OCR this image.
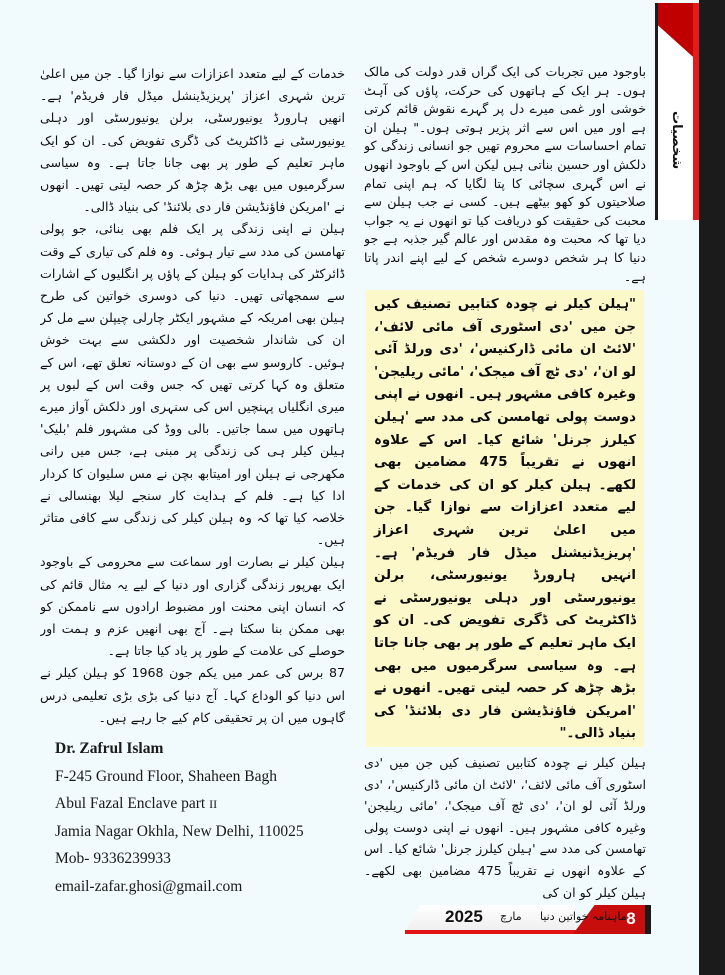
شخصیات

باوجود میں تجربات کی ایک گراں قدر دولت کی مالک ہوں۔ ہر ایک کے ہاتھوں کی حرکت، پاؤں کی آہٹ خوشی اور غمی میرے دل پر گہرے نقوش قائم کرتی ہے اور میں اس سے اثر پزیر ہوتی ہوں۔" ہیلن ان تمام احساسات سے محروم تھیں جو انسانی زندگی کو دلکش اور حسین بناتی ہیں لیکن اس کے باوجود انھوں نے اس گہری سچائی کا پتا لگایا کہ ہم اپنی تمام صلاحیتوں کو کھو بیٹھے ہیں۔ کسی نے جب ہیلن سے محبت کی حقیقت کو دریافت کیا تو انھوں نے یہ جواب دیا تھا کہ محبت وہ مقدس اور عالم گیر جذبہ ہے جو دنیا کا ہر شخص دوسرے شخص کے لیے اپنے اندر پاتا ہے۔

"ہیلن کیلر نے چودہ کتابیں تصنیف کیں جن میں 'دی اسٹوری آف مائی لائف'، 'لائٹ ان مائی ڈارکنیس'، 'دی ورلڈ آئی لو ان'، 'دی ٹچ آف میجک'، 'مائی ریلیجن' وغیرہ کافی مشہور ہیں۔ انھوں نے اپنی دوست پولی تھامسن کی مدد سے 'ہیلن کیلرز جرنل' شائع کیا۔ اس کے علاوہ انھوں نے تقریباً 475 مضامین بھی لکھے۔ ہیلن کیلر کو ان کی خدمات کے لیے متعدد اعزازات سے نوازا گیا۔ جن میں اعلیٰ ترین شہری اعزاز 'پریزیڈنیشنل میڈل فار فریڈم' ہے۔ انہیں ہارورڈ یونیورسٹی، برلن یونیورسٹی اور دہلی یونیورسٹی نے ڈاکٹریٹ کی ڈگری تفویض کی۔ ان کو ایک ماہر تعلیم کے طور پر بھی جانا جاتا ہے۔ وہ سیاسی سرگرمیوں میں بھی بڑھ چڑھ کر حصہ لیتی تھیں۔ انھوں نے 'امریکن فاؤنڈیشن فار دی بلائنڈ' کی بنیاد ڈالی۔"

ہیلن کیلر نے چودہ کتابیں تصنیف کیں جن میں 'دی اسٹوری آف مائی لائف'، 'لائٹ ان مائی ڈارکنیس'، 'دی ورلڈ آئی لو ان'، 'دی ٹچ آف میجک'، 'مائی ریلیجن' وغیرہ کافی مشہور ہیں۔ انھوں نے اپنی دوست پولی تھامسن کی مدد سے 'ہیلن کیلرز جرنل' شائع کیا۔ اس کے علاوہ انھوں نے تقریباً 475 مضامین بھی لکھے۔ ہیلن کیلر کو ان کی

خدمات کے لیے متعدد اعزازات سے نوازا گیا۔ جن میں اعلیٰ ترین شہری اعزاز 'پریزیڈینشل میڈل فار فریڈم' ہے۔ انھیں ہارورڈ یونیورسٹی، برلن یونیورسٹی اور دہلی یونیورسٹی نے ڈاکٹریٹ کی ڈگری تفویض کی۔ ان کو ایک ماہر تعلیم کے طور پر بھی جانا جاتا ہے۔ وہ سیاسی سرگرمیوں میں بھی بڑھ چڑھ کر حصہ لیتی تھیں۔ انھوں نے 'امریکن فاؤنڈیشن فار دی بلائنڈ' کی بنیاد ڈالی۔

ہیلن نے اپنی زندگی پر ایک فلم بھی بنائی، جو پولی تھامسن کی مدد سے تیار ہوئی۔ وہ فلم کی تیاری کے وقت ڈائرکٹر کی ہدایات کو ہیلن کے پاؤں پر انگلیوں کے اشارات سے سمجھاتی تھیں۔ دنیا کی دوسری خواتین کی طرح ہیلن بھی امریکہ کے مشہور ایکٹر چارلی چیپلن سے مل کر ان کی شاندار شخصیت اور دلکشی سے بہت خوش ہوئیں۔ کاروسو سے بھی ان کے دوستانہ تعلق تھے، اس کے متعلق وہ کہا کرتی تھیں کہ جس وقت اس کے لبوں پر میری انگلیاں پہنچیں اس کی سنہری اور دلکش آواز میرے ہاتھوں میں سما جاتیں۔ بالی ووڈ کی مشہور فلم 'بلیک' ہیلن کیلر ہی کی زندگی پر مبنی ہے، جس میں رانی مکھرجی نے ہیلن اور امیتابھ بچن نے مس سلیوان کا کردار ادا کیا ہے۔ فلم کے ہدایت کار سنجے لیلا بھنسالی نے خلاصہ کیا تھا کہ وہ ہیلن کیلر کی زندگی سے کافی متاثر ہیں۔

ہیلن کیلر نے بصارت اور سماعت سے محرومی کے باوجود ایک بھرپور زندگی گزاری اور دنیا کے لیے یہ مثال قائم کی کہ انسان اپنی محنت اور مضبوط ارادوں سے ناممکن کو بھی ممکن بنا سکتا ہے۔ آج بھی انھیں عزم و ہمت اور حوصلے کی علامت کے طور پر یاد کیا جاتا ہے۔

87 برس کی عمر میں یکم جون 1968 کو ہیلن کیلر نے اس دنیا کو الوداع کہا۔ آج دنیا کی بڑی بڑی تعلیمی درس گاہوں میں ان پر تحقیقی کام کیے جا رہے ہیں۔

Dr. Zafrul Islam
F-245 Ground Floor, Shaheen Bagh
Abul Fazal Enclave part II
Jamia Nagar Okhla, New Delhi, 110025
Mob- 9336239933
email-zafar.ghosi@gmail.com
8
2025 مارچ ماہنامہ خواتین دنیا
